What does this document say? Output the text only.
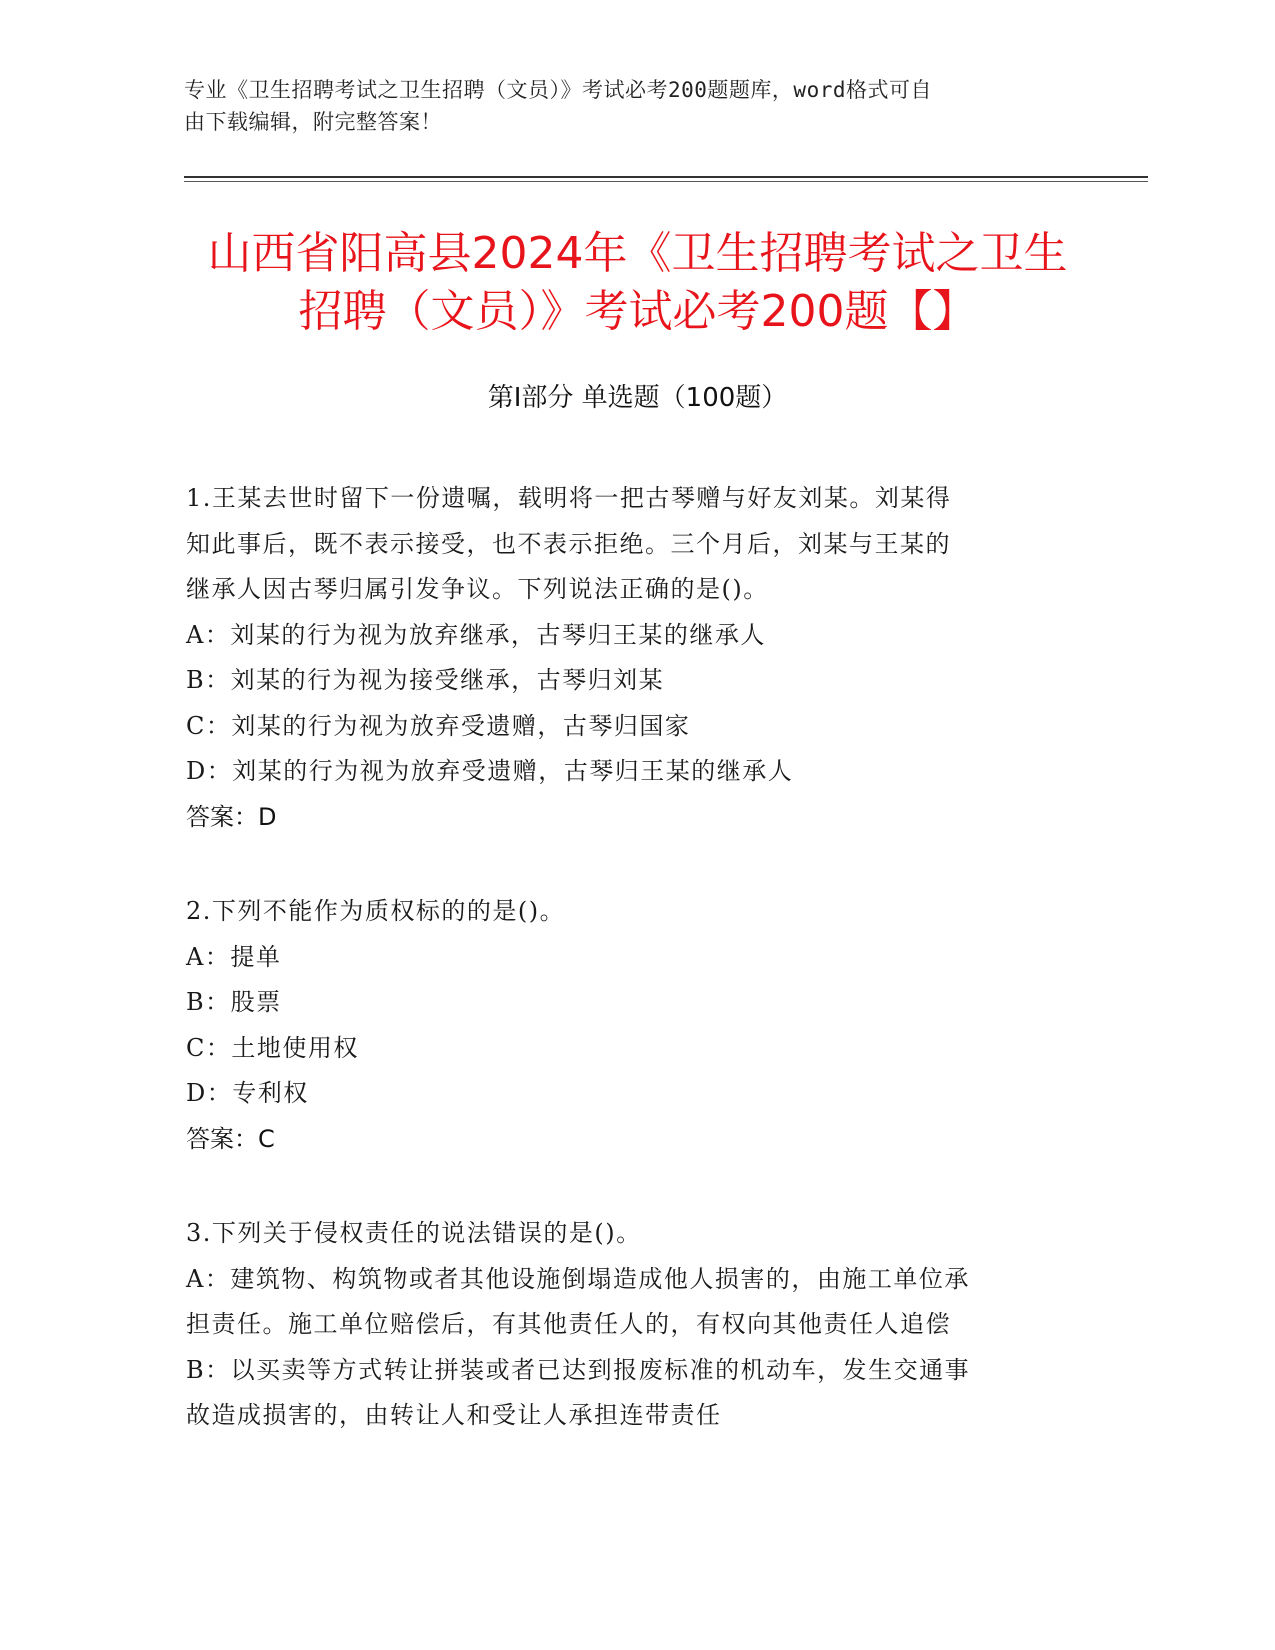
专业《卫生招聘考试之卫生招聘（文员）》考试必考200题题库，word格式可自
由下载编辑，附完整答案！
山西省阳高县2024年《卫生招聘考试之卫生
招聘（文员）》考试必考200题【】
第Ⅰ部分 单选题（100题）
1.王某去世时留下一份遗嘱，载明将一把古琴赠与好友刘某。刘某得
知此事后，既不表示接受，也不表示拒绝。三个月后，刘某与王某的
继承人因古琴归属引发争议。下列说法正确的是()。
A：刘某的行为视为放弃继承，古琴归王某的继承人
B：刘某的行为视为接受继承，古琴归刘某
C：刘某的行为视为放弃受遗赠，古琴归国家
D：刘某的行为视为放弃受遗赠，古琴归王某的继承人
答案：D
2.下列不能作为质权标的的是()。
A：提单
B：股票
C：土地使用权
D：专利权
答案：C
3.下列关于侵权责任的说法错误的是()。
A：建筑物、构筑物或者其他设施倒塌造成他人损害的，由施工单位承
担责任。施工单位赔偿后，有其他责任人的，有权向其他责任人追偿
B：以买卖等方式转让拼装或者已达到报废标准的机动车，发生交通事
故造成损害的，由转让人和受让人承担连带责任
